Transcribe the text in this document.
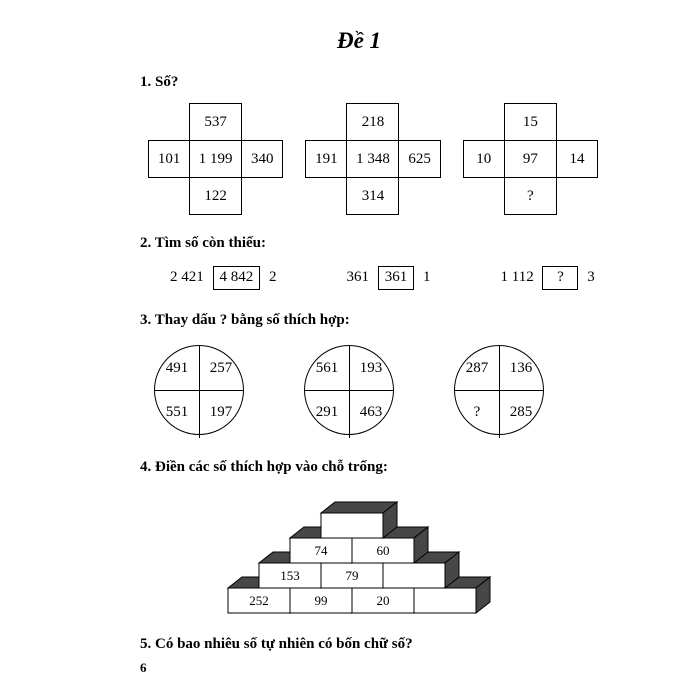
Đề 1
1. Số?
	537	
101	1 199	340
	122	
	218	
191	1 348	625
	314	
	15	
10	97	14
	?	
2. Tìm số còn thiếu:
2 421 4 842 2	361 361 1	1 112 ? 3
3. Thay dấu ? bằng số thích hợp:
491	257
551	197
561	193
291	463
287	136
?	285
4. Điền các số thích hợp vào chỗ trống:
252	99	20
153	79
74	60
5. Có bao nhiêu số tự nhiên có bốn chữ số?
6
